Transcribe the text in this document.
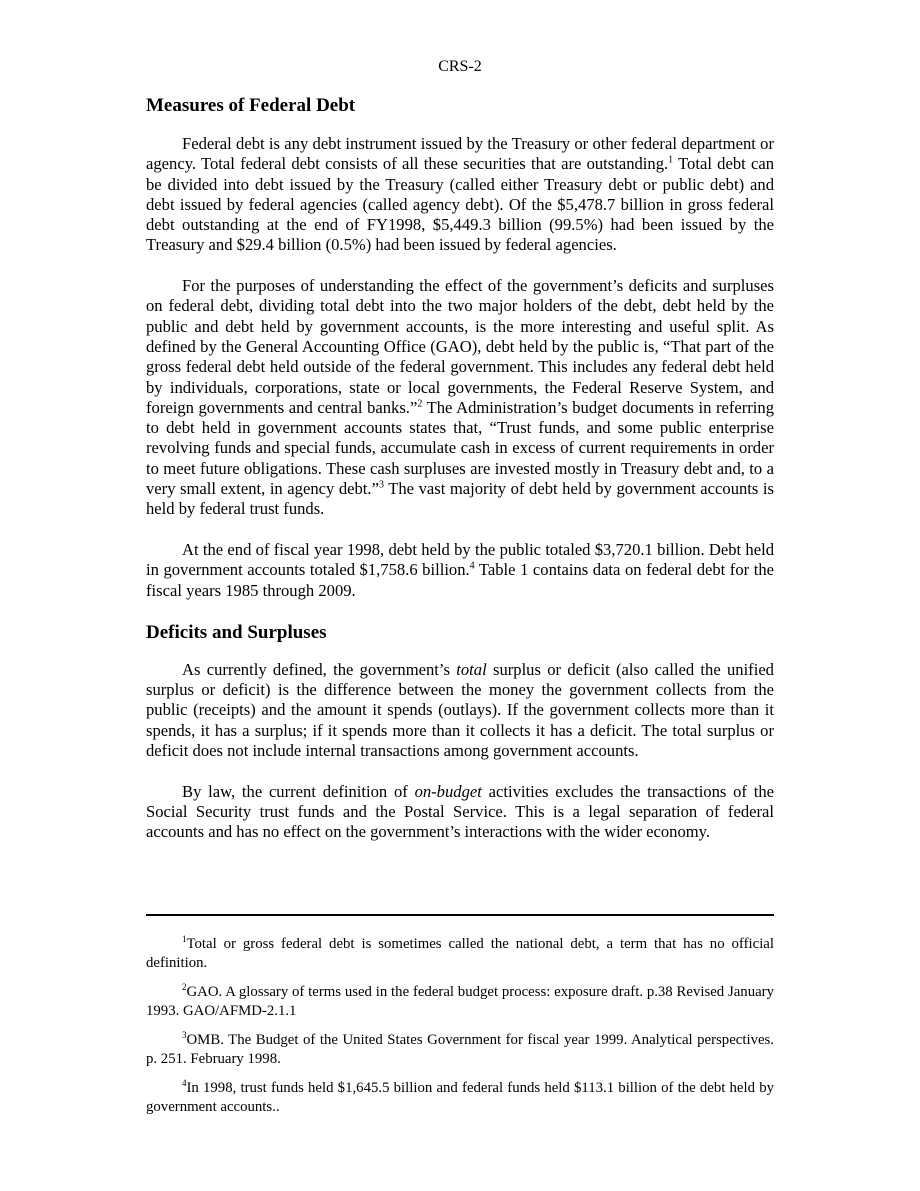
CRS-2
Measures of Federal Debt

Federal debt is any debt instrument issued by the Treasury or other federal department or agency. Total federal debt consists of all these securities that are outstanding.$^1$ Total debt can be divided into debt issued by the Treasury (called either Treasury debt or public debt) and debt issued by federal agencies (called agency debt). Of the $5,478.7 billion in gross federal debt outstanding at the end of FY1998, $5,449.3 billion (99.5%) had been issued by the Treasury and $29.4 billion (0.5%) had been issued by federal agencies.

For the purposes of understanding the effect of the government’s deficits and surpluses on federal debt, dividing total debt into the two major holders of the debt, debt held by the public and debt held by government accounts, is the more interesting and useful split. As defined by the General Accounting Office (GAO), debt held by the public is, “That part of the gross federal debt held outside of the federal government. This includes any federal debt held by individuals, corporations, state or local governments, the Federal Reserve System, and foreign governments and central banks.”$^2$ The Administration’s budget documents in referring to debt held in government accounts states that, “Trust funds, and some public enterprise revolving funds and special funds, accumulate cash in excess of current requirements in order to meet future obligations. These cash surpluses are invested mostly in Treasury debt and, to a very small extent, in agency debt.”$^3$ The vast majority of debt held by government accounts is held by federal trust funds.

At the end of fiscal year 1998, debt held by the public totaled $3,720.1 billion. Debt held in government accounts totaled $1,758.6 billion.$^4$ Table 1 contains data on federal debt for the fiscal years 1985 through 2009.

Deficits and Surpluses

As currently defined, the government’s total surplus or deficit (also called the unified surplus or deficit) is the difference between the money the government collects from the public (receipts) and the amount it spends (outlays). If the government collects more than it spends, it has a surplus; if it spends more than it collects it has a deficit. The total surplus or deficit does not include internal transactions among government accounts.

By law, the current definition of on-budget activities excludes the transactions of the Social Security trust funds and the Postal Service. This is a legal separation of federal accounts and has no effect on the government’s interactions with the wider economy.

$^1$Total or gross federal debt is sometimes called the national debt, a term that has no official definition.

$^2$GAO. A glossary of terms used in the federal budget process: exposure draft. p.38 Revised January 1993. GAO/AFMD-2.1.1

$^3$OMB. The Budget of the United States Government for fiscal year 1999. Analytical perspectives. p. 251. February 1998.

$^4$In 1998, trust funds held $1,645.5 billion and federal funds held $113.1 billion of the debt held by government accounts..
